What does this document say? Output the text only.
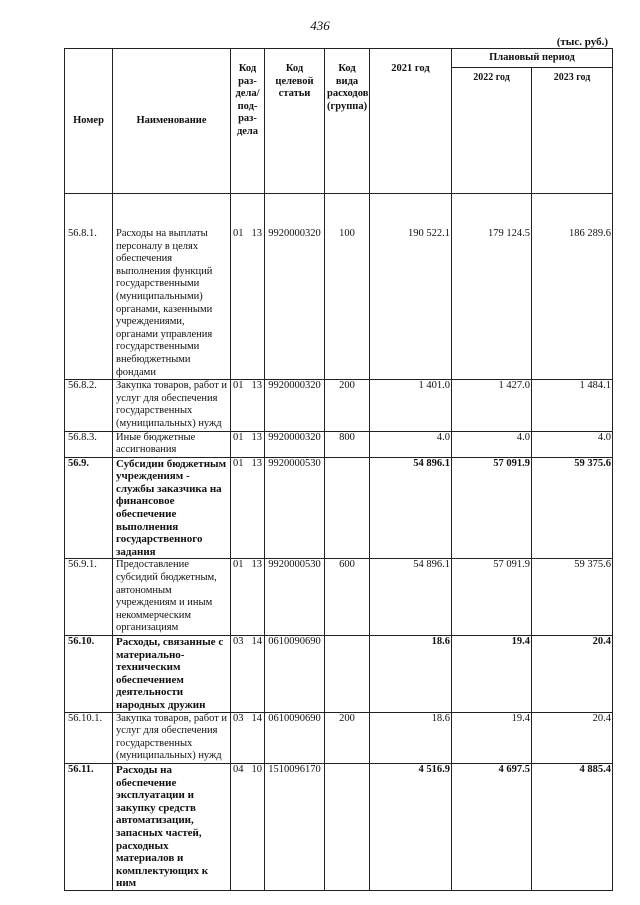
436
(тыс. руб.)
Номер	Наименование	Код раз-дела/ под-раз-дела	Код целевой статьи	Код вида расходов (группа)	2021 год	Плановый период	
						2022 год	2023 год

56.8.1.	Расходы на выплаты персоналу в целях обеспечения выполнения функций государственными (муниципальными) органами, казенными учреждениями, органами управления государственными внебюджетными фондами	01 13	9920000320	100	190 522.1	179 124.5	186 289.6
56.8.2.	Закупка товаров, работ и услуг для обеспечения государственных (муниципальных) нужд	01 13	9920000320	200	1 401.0	1 427.0	1 484.1
56.8.3.	Иные бюджетные ассигнования	01 13	9920000320	800	4.0	4.0	4.0
56.9.	Субсидии бюджетным учреждениям - службы заказчика на финансовое обеспечение выполнения государственного задания	01 13	9920000530		54 896.1	57 091.9	59 375.6
56.9.1.	Предоставление субсидий бюджетным, автономным учреждениям и иным некоммерческим организациям	01 13	9920000530	600	54 896.1	57 091.9	59 375.6
56.10.	Расходы, связанные с материально-техническим обеспечением деятельности народных дружин	03 14	0610090690		18.6	19.4	20.4
56.10.1.	Закупка товаров, работ и услуг для обеспечения государственных (муниципальных) нужд	03 14	0610090690	200	18.6	19.4	20.4
56.11.	Расходы на обеспечение эксплуатации и закупку средств автоматизации, запасных частей, расходных материалов и комплектующих к ним	04 10	1510096170		4 516.9	4 697.5	4 885.4
